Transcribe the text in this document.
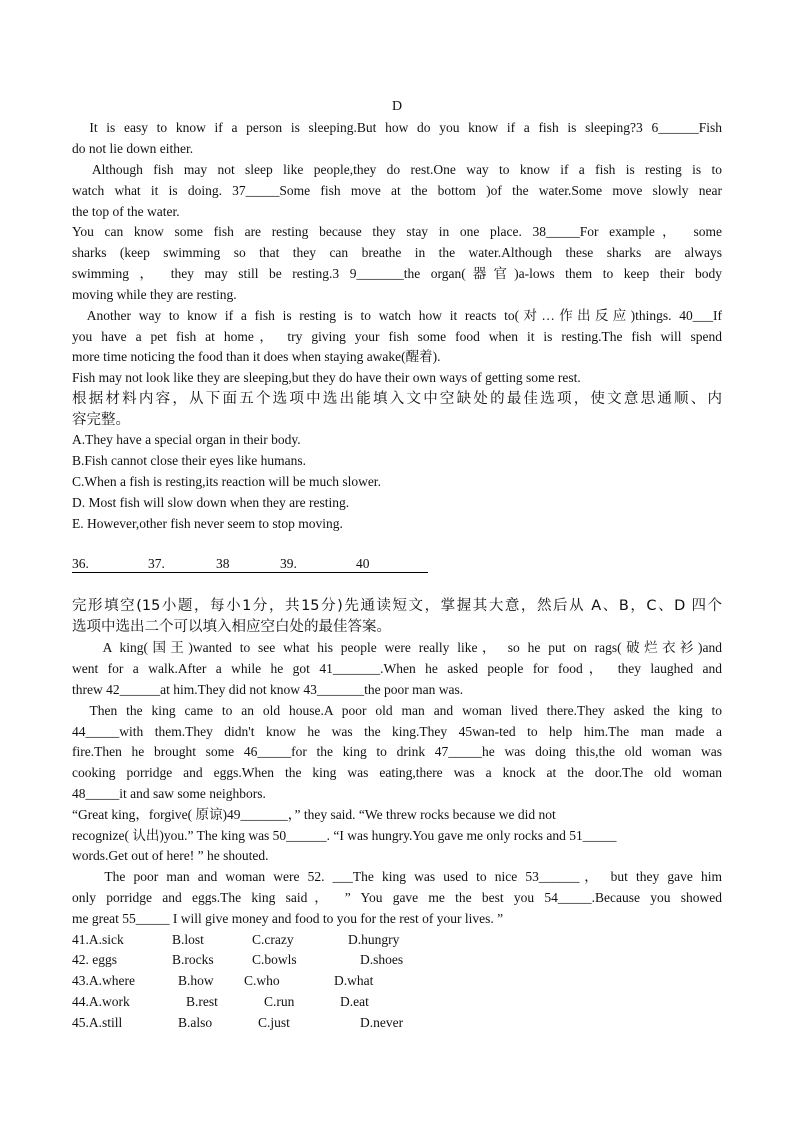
D
It is easy to know if a person is sleeping.But how do you know if a fish is sleeping?3 6______Fish
do not lie down either.
Although fish may not sleep like people,they do rest.One way to know if a fish is resting is to
watch what it is doing. 37_____Some fish move at the bottom )of the water.Some move slowly near
the top of the water.
You can know some fish are resting because they stay in one place. 38_____For example， some
sharks (keep swimming so that they can breathe in the water.Although these sharks are always
swimming ， they may still be resting.3 9_______the organ(器官)a-lows them to keep their body
moving while they are resting.
Another way to know if a fish is resting is to watch how it reacts to(对…作出反应)things. 40___If
you have a pet fish at home， try giving your fish some food when it is resting.The fish will spend
more time noticing the food than it does when staying awake(醒着).
Fish may not look like they are sleeping,but they do have their own ways of getting some rest.
根据材料内容，从下面五个选项中选出能填入文中空缺处的最佳选项，使文意思通顺、内
容完整。
A.They have a special organ in their body.
B.Fish cannot close their eyes like humans.
C.When a fish is resting,its reaction will be much slower.
D. Most fish will slow down when they are resting.
E. However,other fish never seem to stop moving.
36.	37.	38	39.	40
完形填空(15小题，每小1分，共15分)先通读短文，掌握其大意，然后从 A、B，C、D 四个
选项中选出二个可以填入相应空白处的最佳答案。
A king(国王)wanted to see what his people were really like， so he put on rags(破烂衣衫)and
went for a walk.After a while he got 41_______.When he asked people for food， they laughed and
threw 42______at him.They did not know 43_______the poor man was.
Then the king came to an old house.A poor old man and woman lived there.They asked the king to
44_____with them.They didn't know he was the king.They 45wan-ted to help him.The man made a
fire.Then he brought some 46_____for the king to drink 47_____he was doing this,the old woman was
cooking porridge and eggs.When the king was eating,there was a knock at the door.The old woman
48_____it and saw some neighbors.
“Great king，forgive( 原谅)49_______，” they said. “We threw rocks because we did not
recognize( 认出)you.” The king was 50______. “I was hungry.You gave me only rocks and 51_____
words.Get out of here! ” he shouted.
The poor man and woman were 52. ___The king was used to nice 53______， but they gave him
only porridge and eggs.The king said， ” You gave me the best you 54_____.Because you showed
me great 55_____ I will give money and food to you for the rest of your lives. ”
41.A.sick	B.lost	C.crazy	D.hungry
42. eggs	B.rocks	C.bowls	D.shoes
43.A.where	B.how C.who	D.what
44.A.work	B.rest	C.run	D.eat
45.A.still	B.also	C.just	D.never
